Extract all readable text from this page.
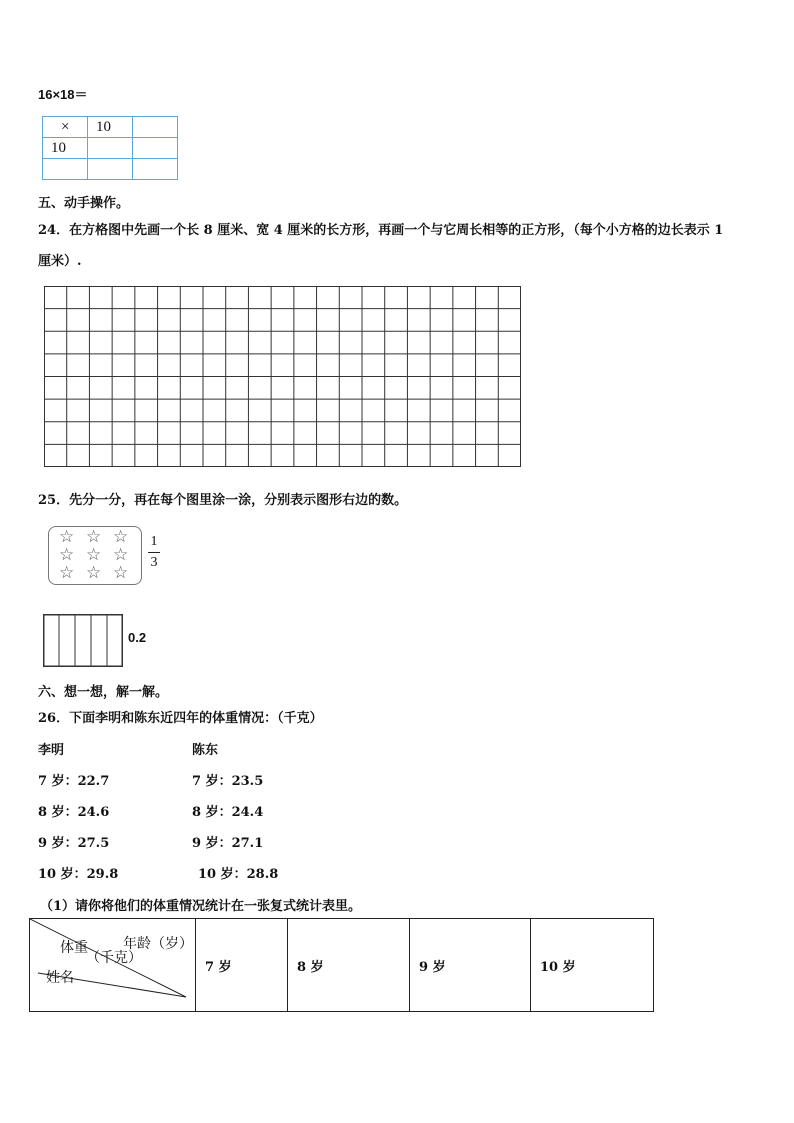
16×18＝
×	10	
10		

五、动手操作。
24．在方格图中先画一个长 8 厘米、宽 4 厘米的长方形，再画一个与它周长相等的正方形，（每个小方格的边长表示 1
厘米）.
25．先分一分，再在每个图里涂一涂，分别表示图形右边的数。
☆ ☆ ☆
☆ ☆ ☆
☆ ☆ ☆
1
3
0.2
六、想一想，解一解。
26．下面李明和陈东近四年的体重情况：（千克）
李明	陈东
7 岁：22.7	7 岁：23.5
8 岁：24.6	8 岁：24.4
9 岁：27.5	9 岁：27.1
10 岁：29.8	10 岁：28.8
（1）请你将他们的体重情况统计在一张复式统计表里。
年龄（岁）
体重
（千克）
姓名
	7 岁	8 岁	9 岁	10 岁
